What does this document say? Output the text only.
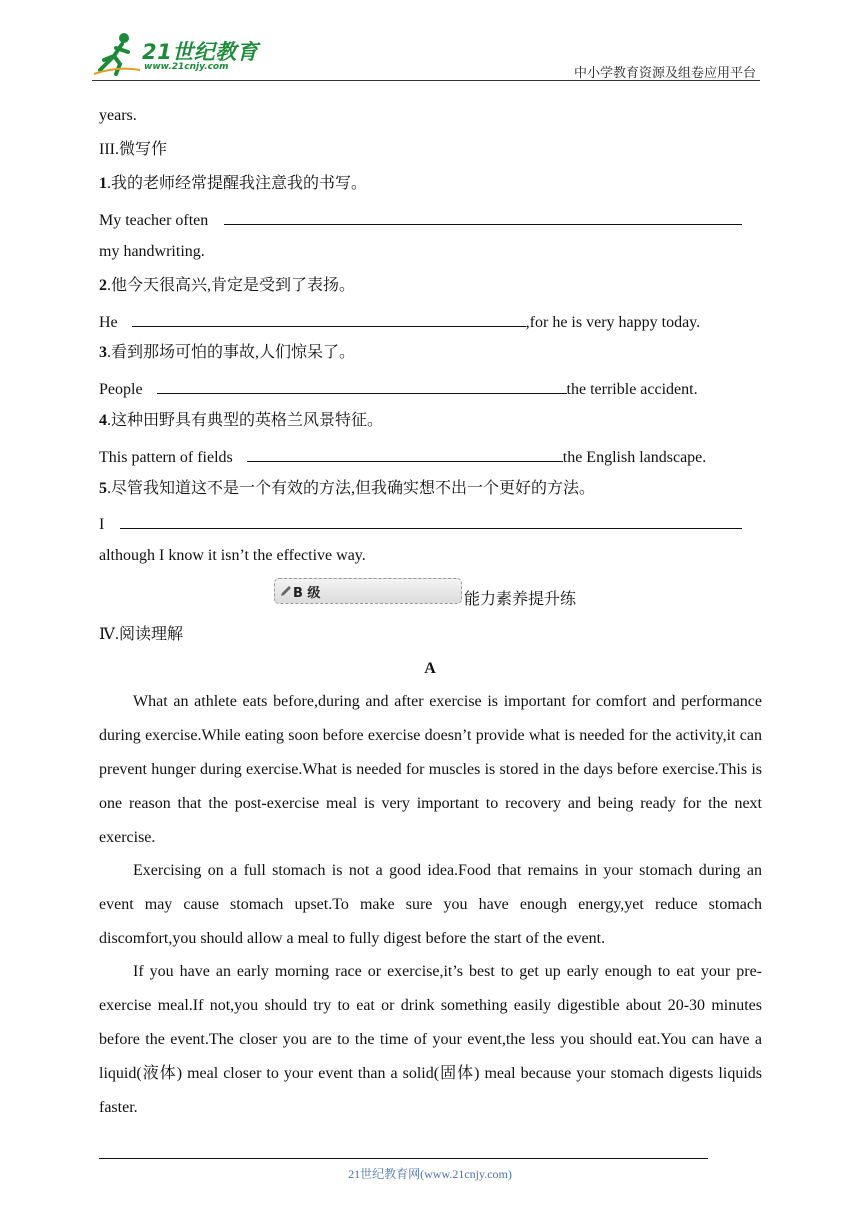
21世纪教育
www.21cnjy.com	中小学教育资源及组卷应用平台
years.
III.微写作
1.我的老师经常提醒我注意我的书写。
My teacher often
my handwriting.
2.他今天很高兴,肯定是受到了表扬。
He	,for he is very happy today.
3.看到那场可怕的事故,人们惊呆了。
People	the terrible accident.
4.这种田野具有典型的英格兰风景特征。
This pattern of fields	the English landscape.
5.尽管我知道这不是一个有效的方法,但我确实想不出一个更好的方法。
I
although I know it isn’t the effective way.
B 级	能力素养提升练
Ⅳ.阅读理解
A
What an athlete eats before,during and after exercise is important for comfort and performance during exercise.While eating soon before exercise doesn’t provide what is needed for the activity,it can prevent hunger during exercise.What is needed for muscles is stored in the days before exercise.This is one reason that the post-exercise meal is very important to recovery and being ready for the next exercise.
Exercising on a full stomach is not a good idea.Food that remains in your stomach during an event may cause stomach upset.To make sure you have enough energy,yet reduce stomach discomfort,you should allow a meal to fully digest before the start of the event.
If you have an early morning race or exercise,it’s best to get up early enough to eat your pre-exercise meal.If not,you should try to eat or drink something easily digestible about 20-30 minutes before the event.The closer you are to the time of your event,the less you should eat.You can have a liquid(液体) meal closer to your event than a solid(固体) meal because your stomach digests liquids faster.
21世纪教育网(www.21cnjy.com)
